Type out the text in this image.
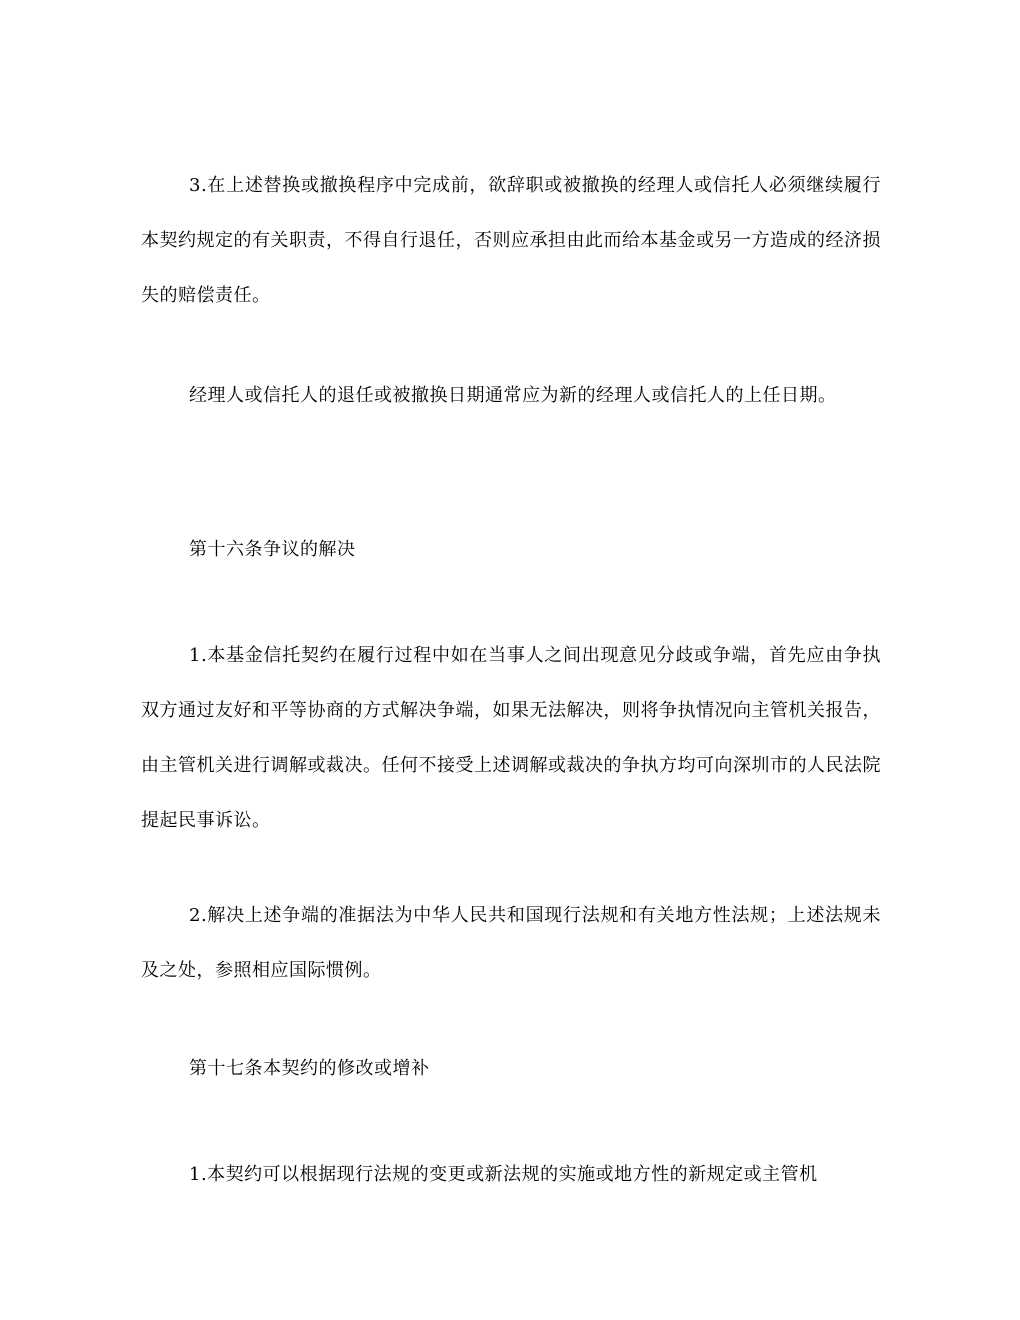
3.在上述替换或撤换程序中完成前，欲辞职或被撤换的经理人或信托人必须继续履行本契约规定的有关职责，不得自行退任，否则应承担由此而给本基金或另一方造成的经济损失的赔偿责任。

经理人或信托人的退任或被撤换日期通常应为新的经理人或信托人的上任日期。

第十六条争议的解决

1.本基金信托契约在履行过程中如在当事人之间出现意见分歧或争端，首先应由争执双方通过友好和平等协商的方式解决争端，如果无法解决，则将争执情况向主管机关报告，由主管机关进行调解或裁决。任何不接受上述调解或裁决的争执方均可向深圳市的人民法院提起民事诉讼。

2.解决上述争端的准据法为中华人民共和国现行法规和有关地方性法规；上述法规未及之处，参照相应国际惯例。

第十七条本契约的修改或增补

1.本契约可以根据现行法规的变更或新法规的实施或地方性的新规定或主管机
